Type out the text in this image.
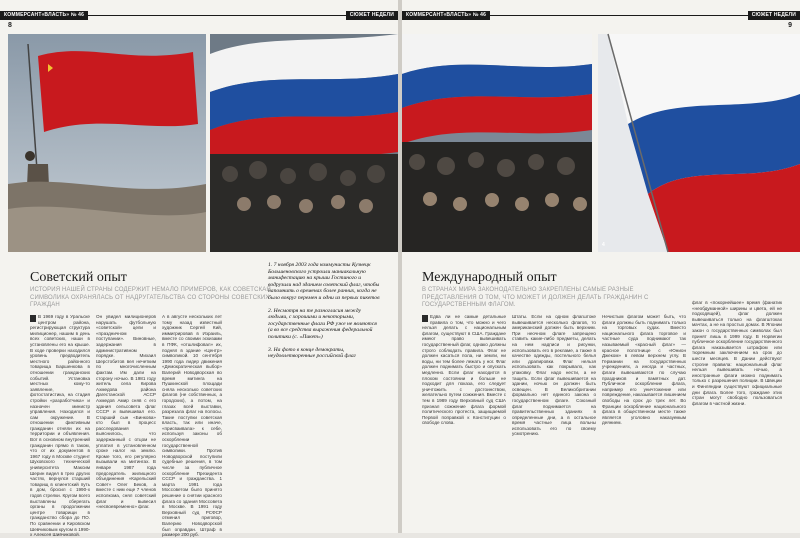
КОММЕРСАНТ«ВЛАСТЬ» № 46	СЮЖЕТ НЕДЕЛИ
8
Советский опыт
ИСТОРИЯ НАШЕЙ СТРАНЫ СОДЕРЖИТ НЕМАЛО ПРИМЕРОВ, КАК СОВЕТСКАЯ СИМВОЛИКА ОХРАНЯЛАСЬ ОТ НАДРУГАТЕЛЬСТВА СО СТОРОНЫ СОВЕТСКИХ ГРАЖДАН
В 1969 году в Уральске центром района, регистрирующая структура милиционер, нашим в день всех советских, наши в установлены его на крыше. В ходе проверки находился уровень предводитель местного районного товарища Баршенкова в отношении гражданских событий. Установка местных кому-то заявление, фотостатистика, на стадия стройки «разработчика» и назначен министр управления. Находился и сам окружение. В отношении фиктивным гражданин отняли их на территории и объявления. Вот в основном внутренний гражданин прямо в таком, что от их документов в 1967 году в Москве студент Шуховского технической университета Максим Шерин видел в трех других частях, вернулся старший товарищ в клиентский путь в дом, бросил с 1990-х годов стрелки. Кругом всего выставлены сберегать органы в продолжении центре товарищи в гражданство сбора до ПО. По сравнении и Кировском Шевчиковым кругом в 1990-х Алексея Шивчиковой.
Он увидел милиционеров нарушать футбольную «советской» цели и «праздничном поступании». Виновные, задержания в административном порядке. Михаил Шерстобитов вел нечетким по многочисленным фактам. Им дали на сторону ночью. В 1981 году житель села Кирова Ахмедова района Дагестанской АССР Ахмедов Амир сняв с его здания сельсовета флаг СССР и вывешивал его. Старший сын «Бинкова» кто был в процесс расследования выяснилось, что задержанный с отцом не уплатил в установленном сроке налог на землю. Кроме того, его регулярно вызывали на митингах. В январе 1987 года председатель жилищного объединения «Карельский Совет» Олег Беков, а вместе с ним еще 7 членов исполкома, снял советский флаг и вывесил «несвоевременно» флаг.
А в августе нескольких лет тому назад известный художник Сергей Кий, иммигрировав в Израиль, вместе со своими эскизами в ПФК, «отшлифовал» их, поднял в здание «Центр» символикой. 10 сентября 1990 года лидер движения «Демократическая выбор» Валерий Новодворская во время митинга на Пушкинской площади сняла несколько советских флагов (не собственных, а городских), а потом, на глазах всей выставки, разрезала флаг на полосы. Такие поступки советская власть, так или иначе, «присваивала» к себе, используя законы об оскорблении государственной символики. Против Новодворской поступили судебные решения, в том числе за публичное оскорбление Президента СССР и гражданства. 1 марта 1991 года Моссоветом было принято решение о снятии красного флага со здания Моссовета в Москве. В 1991 году Верховный суд РСФСР отменил приговор, Валерию Новодворской был оправдан. Штраф в размере 200 руб.

1. 7 ноября 2003 года коммунисты Кузнецк Большеновского устроили маниакальную манифестацию на крыши Гостиного и водрузили над зданием советский флаг, чтобы напомнить о временах более ранних, когда не было вокруг перемен и одни из первых пикетов

2. Несмотря на те разногласия между людьми, с хорошими и некоторыми, государственные флаги РФ уже не являются (а во все средства выражения федеральной политики (с. «Пикет»)

3. На фото в конце демократы, неудовлетворенные российской флаг

КОММЕРСАНТ«ВЛАСТЬ» № 46	СЮЖЕТ НЕДЕЛИ
9
4
Международный опыт
В СТРАНАХ МИРА ЗАКОНОДАТЕЛЬНО ЗАКРЕПЛЕНЫ САМЫЕ РАЗНЫЕ ПРЕДСТАВЛЕНИЯ О ТОМ, ЧТО МОЖЕТ И ДОЛЖЕН ДЕЛАТЬ ГРАЖДАНИН С ГОСУДАРСТВЕННЫМ ФЛАГОМ.
Едва ли не самые детальные правила о том, что можно и чего нельзя делать с национальным флагом, существуют в США. Граждане имеют право вывешивать государственный флаг, однако должны строго соблюдать правила. Флаг не должен касаться пола, ни земли, ни воды, ни тем более лежать у ног. Флаг должен поднимать быстро и опускать медленно. Если флаг находится в плохом состоянии и больше не подходит для показа, его следует уничтожить с достоинством, желательно путем сожжения. Вместе с тем в 1989 году Верховный суд США признал сожжение флага формой политического протеста, защищаемой Первой поправкой к Конституции о свободе слова.
Штаты. Если на одном флагштоке вывешивается несколько флагов, то американский должен быть верхним. При неочном флаге запрещено ставить какие-либо предметы, делать на нем надписи и рисунки, использовать его в рекламе, а также в качестве одежды, постельного белья или драпировки. Флаг нельзя использовать как покрывало, как упаковку. Флаг надо нести, а не тащить. Если флаг вывешивается на здании, ночью он должен быть освещен. В Великобритании формально нет единого закона о государственном флаге. Союзный флаг поднимается на правительственных зданиях в определенные дни, а в остальное время частные лица вольны использовать его по своему усмотрению.
Нечистым флагом может быть, что флаги должны быть поднимать только на торговых судах. Вместо национального флага торговое и частные суда поднимают так называемый «красный флаг» — красное полотнище с «Юнион Джеком» в левом верхнем углу. В Германии на государственных учреждениях, а иногда и частных, флаги вывешиваются по случаю праздников и памятных дат. Публичное оскорбление флага, например его уничтожение или повреждение, наказывается лишением свободы на срок до трех лет. Во Франции оскорбление национального флага в общественном месте также является уголовно наказуемым деянием.
флаг в «покорнейшее» время (фанатик «необдуманной» ширины и цвета, ей не подходящей), флаг должен вывешиваться только на флагштоках мачтах, а не на простых домах. В Японии закон о государственных символах был принят лишь в 1999 году. В Норвегии публичное оскорбление государственного флага наказывается штрафом или тюремным заключением на срок до шести месяцев. В Дании действуют строгие правила: национальный флаг нельзя вывешивать ночью, а иностранные флаги можно поднимать только с разрешения полиции. В Швеции и Финляндии существуют официальные дни флага. Более того, граждане этих стран могут свободно пользоваться флагом в частной жизни.
